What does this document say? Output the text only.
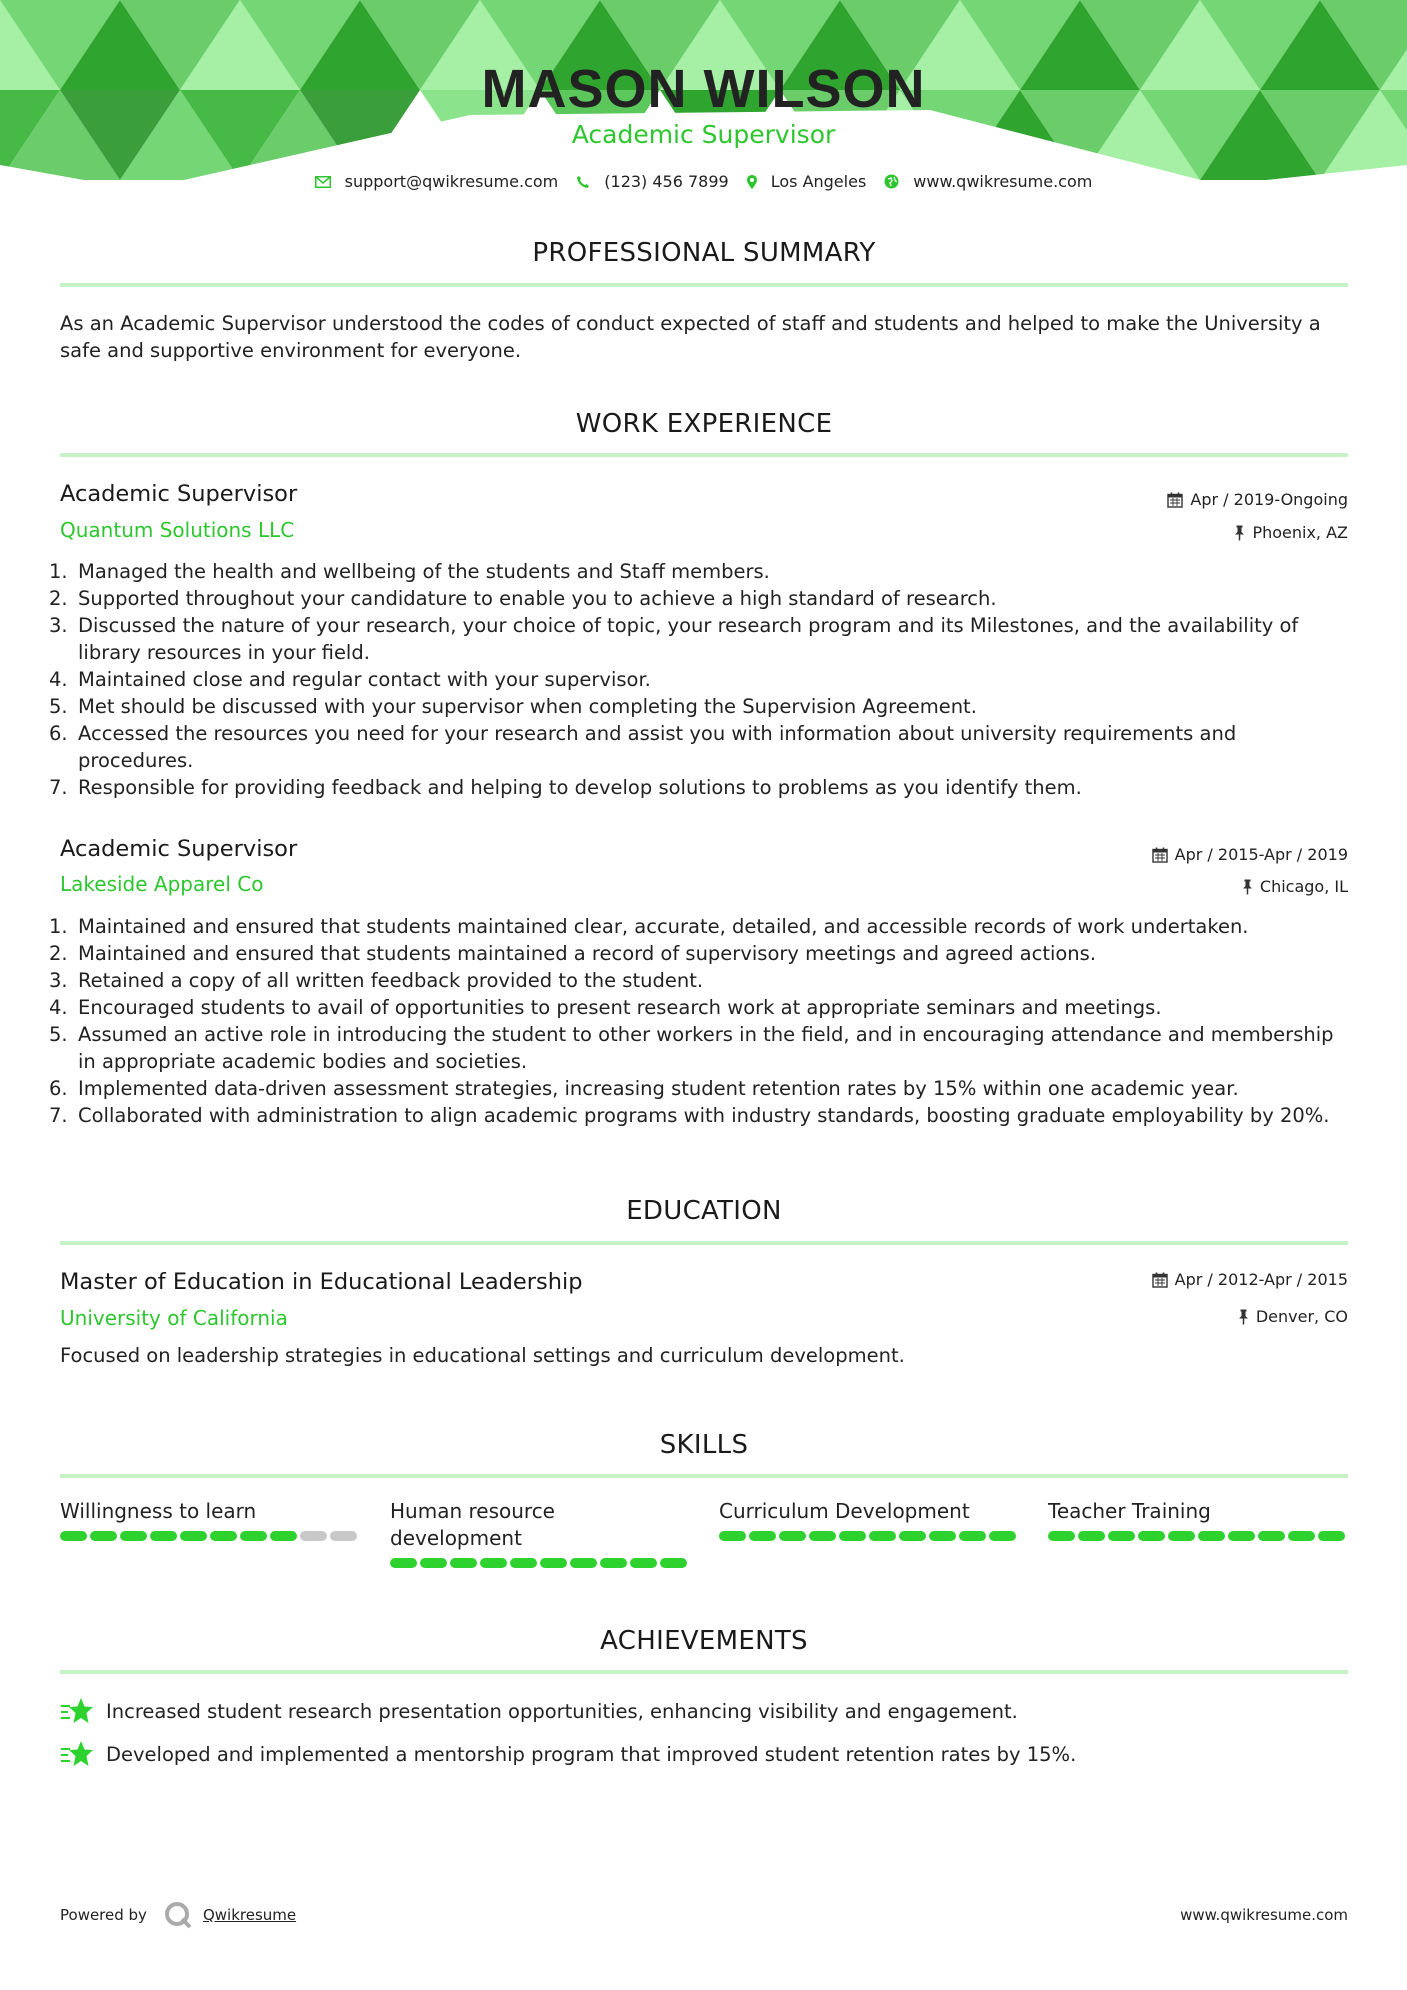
MASON WILSON
Academic Supervisor
support@qwikresume.com	(123) 456 7899	Los Angeles	www.qwikresume.com
PROFESSIONAL SUMMARY
As an Academic Supervisor understood the codes of conduct expected of staff and students and helped to make the University a safe and supportive environment for everyone.
WORK EXPERIENCE
Academic Supervisor
Quantum Solutions LLC
Apr / 2019-Ongoing
Phoenix, AZ
1. Managed the health and wellbeing of the students and Staff members.
2. Supported throughout your candidature to enable you to achieve a high standard of research.
3. Discussed the nature of your research, your choice of topic, your research program and its Milestones, and the availability of library resources in your field.
4. Maintained close and regular contact with your supervisor.
5. Met should be discussed with your supervisor when completing the Supervision Agreement.
6. Accessed the resources you need for your research and assist you with information about university requirements and procedures.
7. Responsible for providing feedback and helping to develop solutions to problems as you identify them.
Academic Supervisor
Lakeside Apparel Co
Apr / 2015-Apr / 2019
Chicago, IL
1. Maintained and ensured that students maintained clear, accurate, detailed, and accessible records of work undertaken.
2. Maintained and ensured that students maintained a record of supervisory meetings and agreed actions.
3. Retained a copy of all written feedback provided to the student.
4. Encouraged students to avail of opportunities to present research work at appropriate seminars and meetings.
5. Assumed an active role in introducing the student to other workers in the field, and in encouraging attendance and membership in appropriate academic bodies and societies.
6. Implemented data-driven assessment strategies, increasing student retention rates by 15% within one academic year.
7. Collaborated with administration to align academic programs with industry standards, boosting graduate employability by 20%.
EDUCATION
Master of Education in Educational Leadership
University of California
Apr / 2012-Apr / 2015
Denver, CO
Focused on leadership strategies in educational settings and curriculum development.
SKILLS
Willingness to learn	Human resource development
Curriculum Development	Teacher Training
ACHIEVEMENTS
Increased student research presentation opportunities, enhancing visibility and engagement.
Developed and implemented a mentorship program that improved student retention rates by 15%.
Powered by	Qwikresume	www.qwikresume.com
